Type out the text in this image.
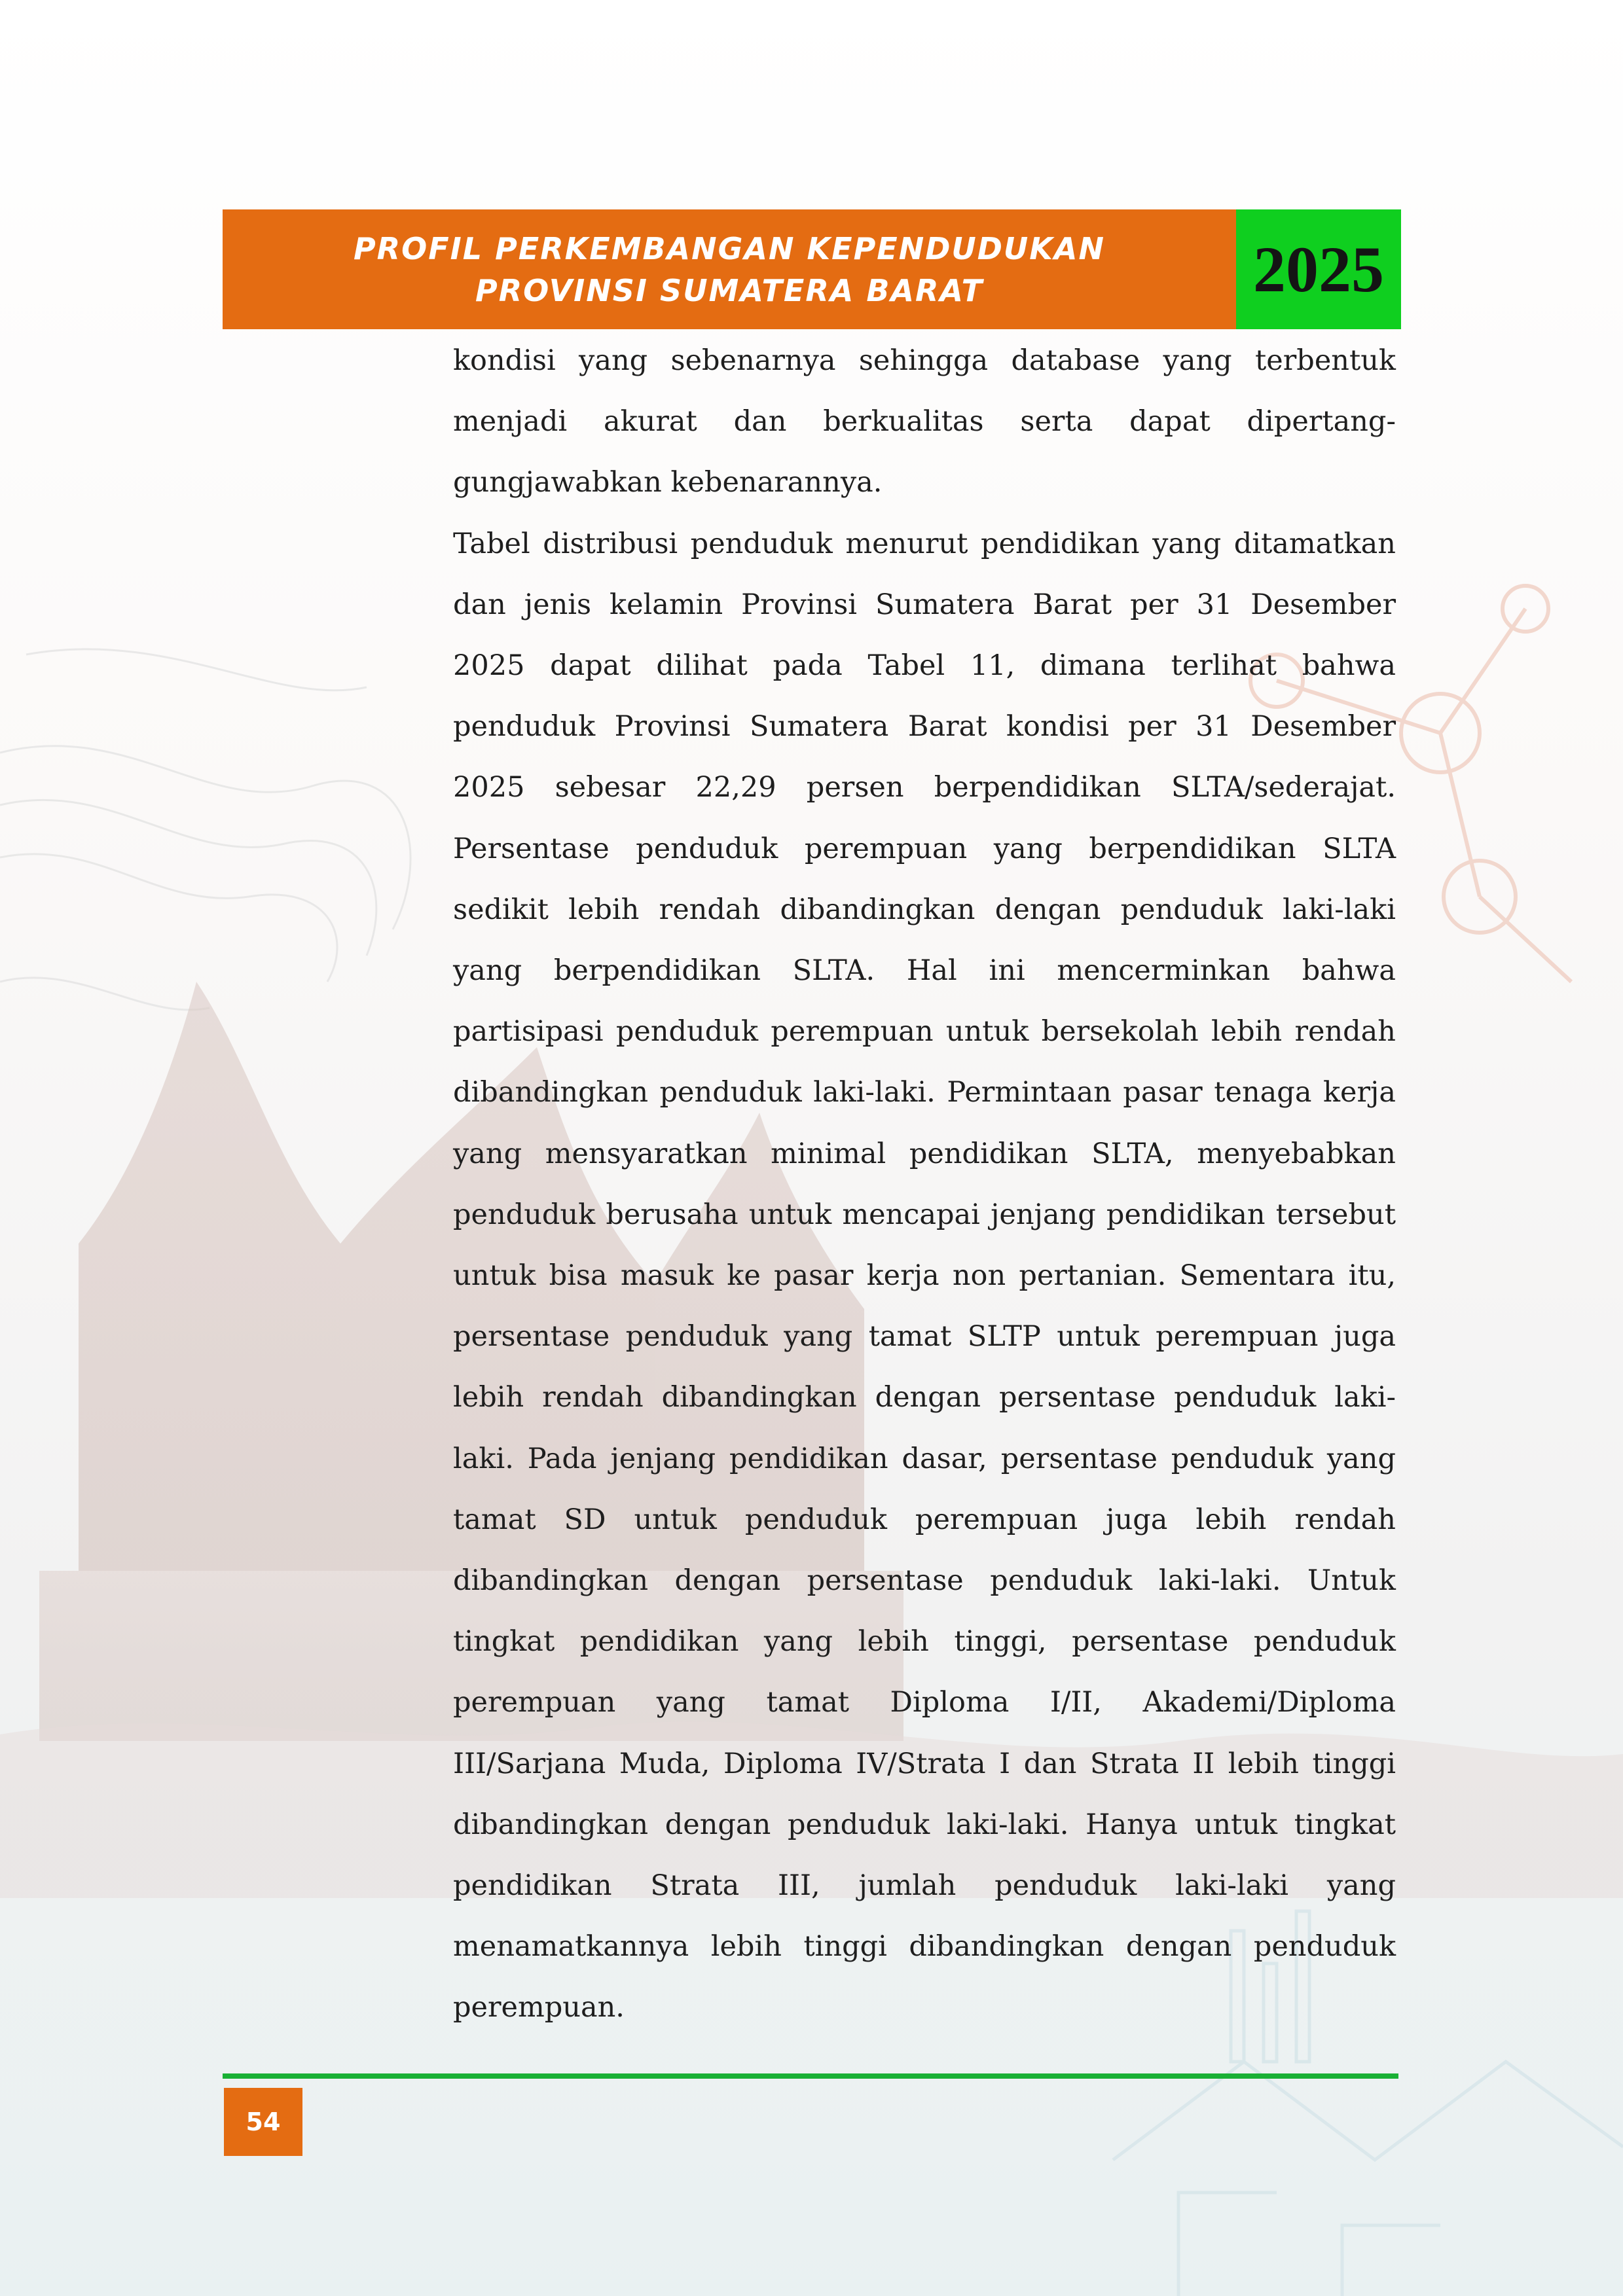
PROFIL PERKEMBANGAN KEPENDUDUKAN
PROVINSI SUMATERA BARAT	2025

kondisi yang sebenarnya sehingga database yang terbentuk menjadi akurat dan berkualitas serta dapat dipertanggungjawabkan kebenarannya.

Tabel distribusi penduduk menurut pendidikan yang ditamatkan dan jenis kelamin Provinsi Sumatera Barat per 31 Desember 2025 dapat dilihat pada Tabel 11, dimana terlihat bahwa penduduk Provinsi Sumatera Barat kondisi per 31 Desember 2025 sebesar 22,29 persen berpendidikan SLTA/sederajat. Persentase penduduk perempuan yang berpendidikan SLTA sedikit lebih rendah dibandingkan dengan penduduk laki-laki yang berpendidikan SLTA. Hal ini mencerminkan bahwa partisipasi penduduk perempuan untuk bersekolah lebih rendah dibandingkan penduduk laki-laki. Permintaan pasar tenaga kerja yang mensyaratkan minimal pendidikan SLTA, menyebabkan penduduk berusaha untuk mencapai jenjang pendidikan tersebut untuk bisa masuk ke pasar kerja non pertanian. Sementara itu, persentase penduduk yang tamat SLTP untuk perempuan juga lebih rendah dibandingkan dengan persentase penduduk laki-laki. Pada jenjang pendidikan dasar, persentase penduduk yang tamat SD untuk penduduk perempuan juga lebih rendah dibandingkan dengan persentase penduduk laki-laki. Untuk tingkat pendidikan yang lebih tinggi, persentase penduduk perempuan yang tamat Diploma I/II, Akademi/Diploma III/Sarjana Muda, Diploma IV/Strata I dan Strata II lebih tinggi dibandingkan dengan penduduk laki-laki. Hanya untuk tingkat pendidikan Strata III, jumlah penduduk laki-laki yang menamatkannya lebih tinggi dibandingkan dengan penduduk perempuan.

54
